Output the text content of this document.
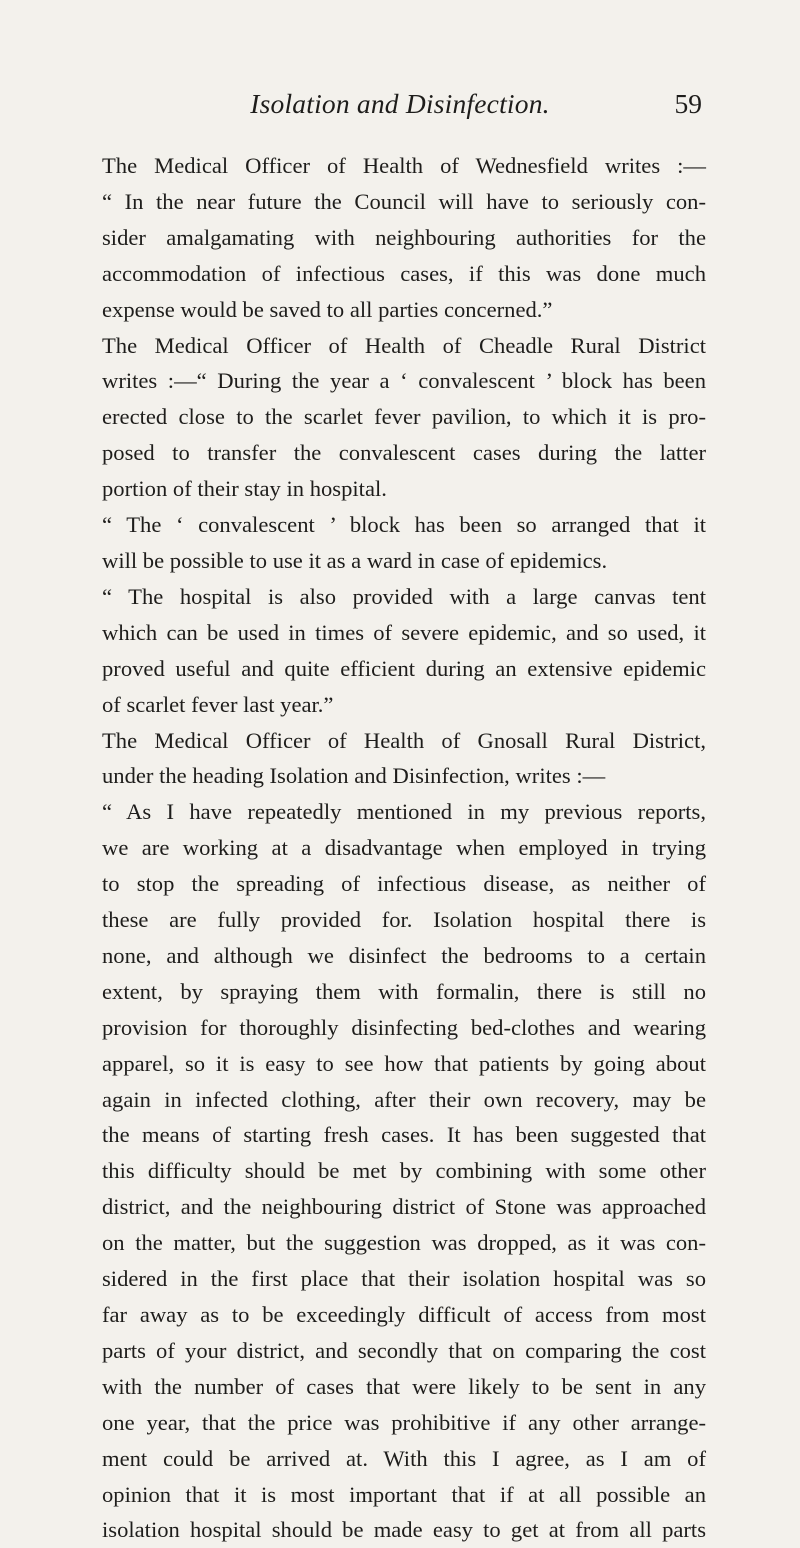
Isolation and Disinfection.	59

The Medical Officer of Health of Wednesfield writes :—
“ In the near future the Council will have to seriously con-
sider amalgamating with neighbouring authorities for the
accommodation of infectious cases, if this was done much
expense would be saved to all parties concerned.”

The Medical Officer of Health of Cheadle Rural District
writes :—“ During the year a ‘ convalescent ’ block has been
erected close to the scarlet fever pavilion, to which it is pro-
posed to transfer the convalescent cases during the latter
portion of their stay in hospital.

“ The ‘ convalescent ’ block has been so arranged that it
will be possible to use it as a ward in case of epidemics.

“ The hospital is also provided with a large canvas tent
which can be used in times of severe epidemic, and so used, it
proved useful and quite efficient during an extensive epidemic
of scarlet fever last year.”

The Medical Officer of Health of Gnosall Rural District,
under the heading Isolation and Disinfection, writes :—

“ As I have repeatedly mentioned in my previous reports,
we are working at a disadvantage when employed in trying
to stop the spreading of infectious disease, as neither of
these are fully provided for. Isolation hospital there is
none, and although we disinfect the bedrooms to a certain
extent, by spraying them with formalin, there is still no
provision for thoroughly disinfecting bed-clothes and wearing
apparel, so it is easy to see how that patients by going about
again in infected clothing, after their own recovery, may be
the means of starting fresh cases. It has been suggested that
this difficulty should be met by combining with some other
district, and the neighbouring district of Stone was approached
on the matter, but the suggestion was dropped, as it was con-
sidered in the first place that their isolation hospital was so
far away as to be exceedingly difficult of access from most
parts of your district, and secondly that on comparing the cost
with the number of cases that were likely to be sent in any
one year, that the price was prohibitive if any other arrange-
ment could be arrived at. With this I agree, as I am of
opinion that it is most important that if at all possible an
isolation hospital should be made easy to get at from all parts
